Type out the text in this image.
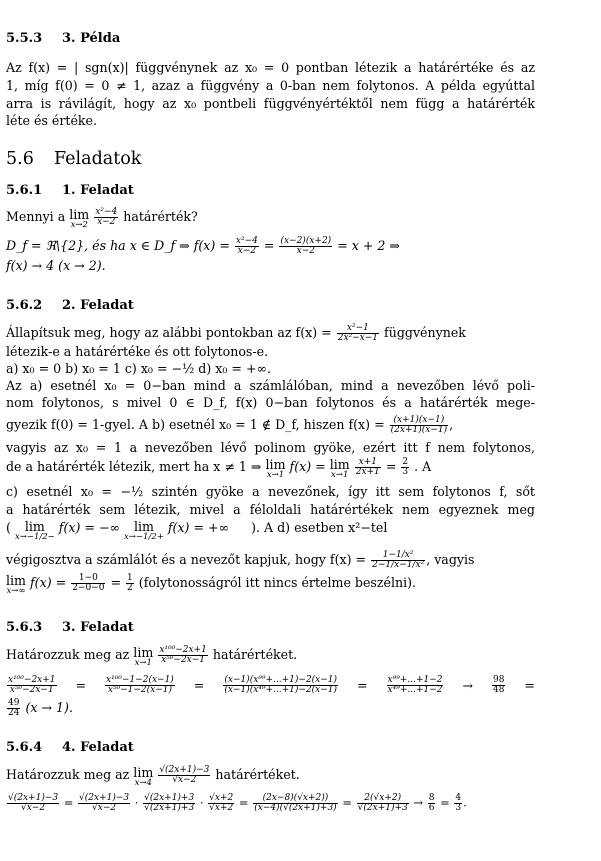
5.5.3 3. Példa
Az f(x) = | sgn(x)| függvénynek az x₀ = 0 pontban létezik a határértéke és az
1, míg f(0) = 0 ≠ 1, azaz a függvény a 0-ban nem folytonos. A példa egyúttal
arra is rávilágít, hogy az x₀ pontbeli függvényértéktől nem függ a határérték
léte és értéke.
5.6 Feladatok
5.6.1 1. Feladat
Mennyi a lim
x→2
$\frac{\text{x²−4}}{x-2}$ határérték?
D_f = ℜ\{2}, és ha x ∈ D_f ⇒ $f(x) = \frac{\text{x²−4}}{x-2} = \frac{(x-2)(x+2)}{x-2} = x + 2$ ⇒
f(x) → 4 (x → 2).
5.6.2 2. Feladat
Állapítsuk meg, hogy az alábbi pontokban az $f(x) = \frac{\text{x²−1}}{\text{2x²−x−1}}$ függvénynek
létezik-e a határértéke és ott folytonos-e.
a) x₀ = 0 b) x₀ = 1 c) x₀ = −½ d) x₀ = +∞.
Az a) esetnél x₀ = 0−ban mind a számlálóban, mind a nevezőben lévő poli-
nom folytonos, s mivel 0 ∈ D_f, f(x) 0−ban folytonos és a határérték mege-
gyezik f(0) = 1-gyel. A b) esetnél x₀ = 1 ∉ D_f, hiszen $f(x) = \frac{(x+1)(x-1)}{(2x+1)(x-1)}$ ,
vagyis az x₀ = 1 a nevezőben lévő polinom gyöke, ezért itt f nem folytonos,
de a határérték létezik, mert ha x ≠ 1 ⇒ lim
x→1
f(x) = lim
x→1
$\frac{x+1}{2x+1} = \frac{2}{3}$ . A
c) esetnél x₀ = −½ szintén gyöke a nevezőnek, így itt sem folytonos f, sőt
a határérték sem létezik, mivel a féloldali határértékek nem egyeznek meg
( lim
x→−1/2−
f(x) = −∞ lim
x→−1/2+
f(x) = +∞ ). A d) esetben x²−tel
végigosztva a számlálót és a nevezőt kapjuk, hogy $f(x) = \frac{\text{1−1/x²}}{\text{2−1/x−1/x²}}$ , vagyis
lim
x→∞
$f(x) = \frac{1-0}{2-0-0} = \frac{1}{2}$ (folytonosságról itt nincs értelme beszélni).
5.6.3 3. Feladat
Határozzuk meg az lim
x→1
$\frac{\text{x¹⁰⁰−2x+1}}{\text{x⁵⁰−2x−1}}$ határértéket.
$\frac{\text{x¹⁰⁰−2x+1}}{\text{x⁵⁰−2x−1}} = \frac{\text{x¹⁰⁰−1−2(x−1)}}{\text{x⁵⁰−1−2(x−1)}} = \frac{\text{(x−1)(x⁹⁹+...+1)−2(x−1)}}{\text{(x−1)(x⁴⁹+...+1)−2(x−1)}} = \frac{\text{x⁹⁹+...+1−2}}{\text{x⁴⁹+...+1−2}} \to \frac{98}{48}$ =
$\frac{49}{24} (x \to 1)$.
5.6.4 4. Feladat
Határozzuk meg az lim
x→4
$\frac{√(2x+1)-3}{√x-2}$ határértéket.
$\frac{√(2x+1)-3}{√x-2} = \frac{√(2x+1)-3}{√x-2} \cdot \frac{√(2x+1)+3}{√(2x+1)+3} \cdot \frac{√x+2}{√x+2} = \frac{(2x-8)(√x+2))}{(x-4)(√(2x+1)+3)} = \frac{2(√x+2)}{√(2x+1)+3} \to \frac{8}{6} = \frac{4}{3}$ .
